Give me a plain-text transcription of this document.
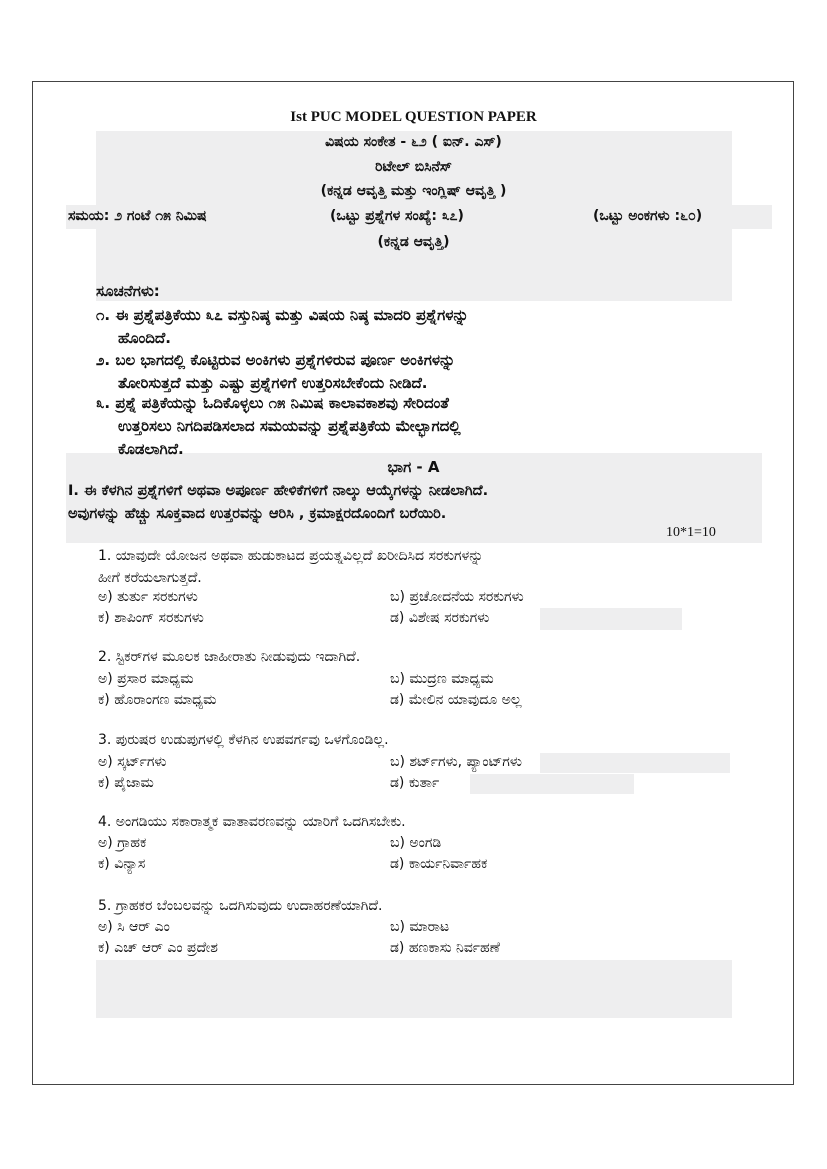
Ist PUC MODEL QUESTION PAPER
ವಿಷಯ ಸಂಕೇತ - ೬೨ ( ಐನ್. ಎಸ್)
ರಿಟೇಲ್ ಬಿಸಿನೆಸ್
(ಕನ್ನಡ ಆವೃತ್ತಿ ಮತ್ತು ಇಂಗ್ಲಿಷ್ ಆವೃತ್ತಿ )
ಸಮಯ: ೨ ಗಂಟೆ ೧೫ ನಿಮಿಷ	(ಒಟ್ಟು ಪ್ರಶ್ನೆಗಳ ಸಂಖ್ಯೆ: ೩೭)	(ಒಟ್ಟು ಅಂಕಗಳು :೬೦)
(ಕನ್ನಡ ಆವೃತ್ತಿ)
ಸೂಚನೆಗಳು:
೧. ಈ ಪ್ರಶ್ನೆಪತ್ರಿಕೆಯು ೩೭ ವಸ್ತುನಿಷ್ಠ ಮತ್ತು ವಿಷಯ ನಿಷ್ಠ ಮಾದರಿ ಪ್ರಶ್ನೆಗಳನ್ನು
ಹೊಂದಿದೆ.
೨. ಬಲ ಭಾಗದಲ್ಲಿ ಕೊಟ್ಟಿರುವ ಅಂಕಿಗಳು ಪ್ರಶ್ನೆಗಳಿರುವ ಪೂರ್ಣ ಅಂಕಿಗಳನ್ನು
ತೋರಿಸುತ್ತದೆ ಮತ್ತು ಎಷ್ಟು ಪ್ರಶ್ನೆಗಳಿಗೆ ಉತ್ತರಿಸಬೇಕೆಂದು ನೀಡಿದೆ.
೩. ಪ್ರಶ್ನೆ ಪತ್ರಿಕೆಯನ್ನು ಓದಿಕೊಳ್ಳಲು ೧೫ ನಿಮಿಷ ಕಾಲಾವಕಾಶವು ಸೇರಿದಂತೆ
ಉತ್ತರಿಸಲು ನಿಗದಿಪಡಿಸಲಾದ ಸಮಯವನ್ನು ಪ್ರಶ್ನೆಪತ್ರಿಕೆಯ ಮೇಲ್ಭಾಗದಲ್ಲಿ
ಕೊಡಲಾಗಿದೆ.
ಭಾಗ - A
I. ಈ ಕೆಳಗಿನ ಪ್ರಶ್ನೆಗಳಿಗೆ ಅಥವಾ ಅಪೂರ್ಣ ಹೇಳಿಕೆಗಳಿಗೆ ನಾಲ್ಕು ಆಯ್ಕೆಗಳನ್ನು ನೀಡಲಾಗಿದೆ.
ಅವುಗಳನ್ನು ಹೆಚ್ಚು ಸೂಕ್ತವಾದ ಉತ್ತರವನ್ನು ಆರಿಸಿ , ಕ್ರಮಾಕ್ಷರದೊಂದಿಗೆ ಬರೆಯಿರಿ.
10*1=10
1. ಯಾವುದೇ ಯೋಜನ ಅಥವಾ ಹುಡುಕಾಟದ ಪ್ರಯತ್ನವಿಲ್ಲದೆ ಖರೀದಿಸಿದ ಸರಕುಗಳನ್ನು
ಹೀಗೆ ಕರೆಯಲಾಗುತ್ತದೆ.
ಅ) ತುರ್ತು ಸರಕುಗಳು	ಬ) ಪ್ರಚೋದನೆಯ ಸರಕುಗಳು
ಕ) ಶಾಪಿಂಗ್ ಸರಕುಗಳು	ಡ) ವಿಶೇಷ ಸರಕುಗಳು
2. ಸ್ಟಿಕರ್‌ಗಳ ಮೂಲಕ ಜಾಹೀರಾತು ನೀಡುವುದು ಇದಾಗಿದೆ.
ಅ) ಪ್ರಸಾರ ಮಾಧ್ಯಮ	ಬ) ಮುದ್ರಣ ಮಾಧ್ಯಮ
ಕ) ಹೊರಾಂಗಣ ಮಾಧ್ಯಮ	ಡ) ಮೇಲಿನ ಯಾವುದೂ ಅಲ್ಲ
3. ಪುರುಷರ ಉಡುಪುಗಳಲ್ಲಿ ಕೆಳಗಿನ ಉಪವರ್ಗವು ಒಳಗೊಂಡಿಲ್ಲ.
ಅ) ಸ್ಕರ್ಟ್‌ಗಳು	ಬ) ಶರ್ಟ್‌ಗಳು, ಪ್ಯಾಂಟ್‌ಗಳು
ಕ) ಪೈಜಾಮ	ಡ) ಕುರ್ತಾ
4. ಅಂಗಡಿಯು ಸಕಾರಾತ್ಮಕ ವಾತಾವರಣವನ್ನು ಯಾರಿಗೆ ಒದಗಿಸಬೇಕು.
ಅ) ಗ್ರಾಹಕ	ಬ) ಅಂಗಡಿ
ಕ) ವಿನ್ಯಾಸ	ಡ) ಕಾರ್ಯನಿರ್ವಾಹಕ
5. ಗ್ರಾಹಕರ ಬೆಂಬಲವನ್ನು ಒದಗಿಸುವುದು ಉದಾಹರಣೆಯಾಗಿದೆ.
ಅ) ಸಿ ಆರ್ ಎಂ	ಬ) ಮಾರಾಟ
ಕ) ಎಚ್ ಆರ್ ಎಂ ಪ್ರದೇಶ	ಡ) ಹಣಕಾಸು ನಿರ್ವಹಣೆ
